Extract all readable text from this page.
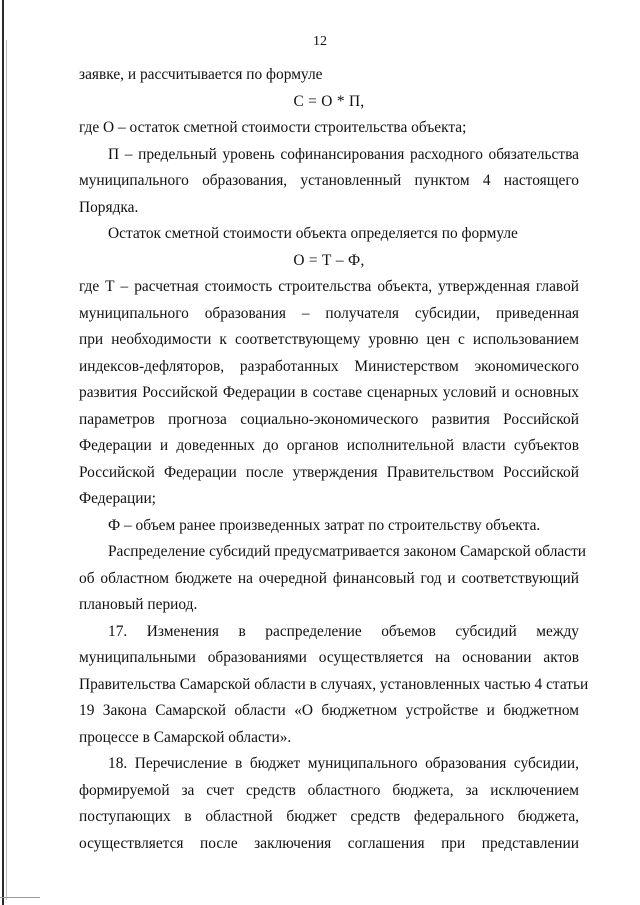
12
заявке, и рассчитывается по формуле
С = О * П,
где О – остаток сметной стоимости строительства объекта;
П – предельный уровень софинансирования расходного обязательства
муниципального образования, установленный пунктом 4 настоящего
Порядка.
Остаток сметной стоимости объекта определяется по формуле
О = Т – Ф,
где Т – расчетная стоимость строительства объекта, утвержденная главой
муниципального образования – получателя субсидии, приведенная
при необходимости к соответствующему уровню цен с использованием
индексов-дефляторов, разработанных Министерством экономического
развития Российской Федерации в составе сценарных условий и основных
параметров прогноза социально-экономического развития Российской
Федерации и доведенных до органов исполнительной власти субъектов
Российской Федерации после утверждения Правительством Российской
Федерации;
Ф – объем ранее произведенных затрат по строительству объекта.
Распределение субсидий предусматривается законом Самарской области
об областном бюджете на очередной финансовый год и соответствующий
плановый период.
17. Изменения в распределение объемов субсидий между
муниципальными образованиями осуществляется на основании актов
Правительства Самарской области в случаях, установленных частью 4 статьи
19 Закона Самарской области «О бюджетном устройстве и бюджетном
процессе в Самарской области».
18. Перечисление в бюджет муниципального образования субсидии,
формируемой за счет средств областного бюджета, за исключением
поступающих в областной бюджет средств федерального бюджета,
осуществляется после заключения соглашения при представлении
